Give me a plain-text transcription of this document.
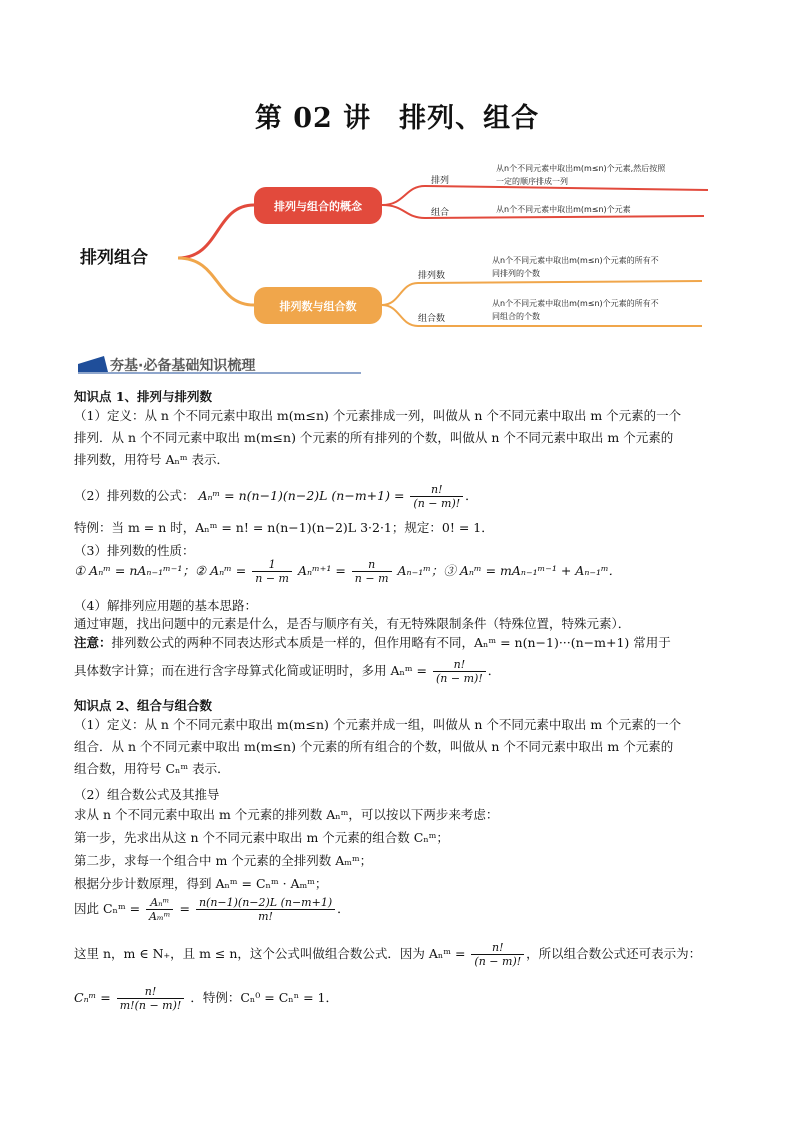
第 02 讲　排列、组合
排列组合
排列与组合的概念
排列数与组合数
排列
从n个不同元素中取出m(m≤n)个元素,然后按照
一定的顺序排成一列
组合	从n个不同元素中取出m(m≤n)个元素
排列数
从n个不同元素中取出m(m≤n)个元素的所有不
同排列的个数
组合数
从n个不同元素中取出m(m≤n)个元素的所有不
同组合的个数
夯基·必备基础知识梳理
知识点 1、排列与排列数
（1）定义：从 n 个不同元素中取出 m(m≤n) 个元素排成一列，叫做从 n 个不同元素中取出 m 个元素的一个
排列．从 n 个不同元素中取出 m(m≤n) 个元素的所有排列的个数，叫做从 n 个不同元素中取出 m 个元素的
排列数，用符号 Aₙᵐ 表示．
（2）排列数的公式： Aₙᵐ = n(n−1)(n−2)L $(n-m+1) = \frac{n!}{(n - m)!}$ ．
特例：当 m = n 时，Aₙᵐ = n! = n(n−1)(n−2)L 3·2·1；规定：0! = 1．
（3）排列数的性质：
① Aₙᵐ = nAₙ₋₁ᵐ⁻¹；② Aₙᵐ = $\frac{1}{n - m}$ Aₙᵐ⁺¹ = $\frac{n}{n - m}$ Aₙ₋₁ᵐ；③ Aₙᵐ = mAₙ₋₁ᵐ⁻¹ + Aₙ₋₁ᵐ．
（4）解排列应用题的基本思路：
通过审题，找出问题中的元素是什么，是否与顺序有关，有无特殊限制条件（特殊位置，特殊元素）．
注意：排列数公式的两种不同表达形式本质是一样的，但作用略有不同，Aₙᵐ = n(n−1)···(n−m+1) 常用于
具体数字计算；而在进行含字母算式化简或证明时，多用 Aₙᵐ = $\frac{n!}{(n - m)!}$ ．
知识点 2、组合与组合数
（1）定义：从 n 个不同元素中取出 m(m≤n) 个元素并成一组，叫做从 n 个不同元素中取出 m 个元素的一个
组合．从 n 个不同元素中取出 m(m≤n) 个元素的所有组合的个数，叫做从 n 个不同元素中取出 m 个元素的
组合数，用符号 Cₙᵐ 表示．
（2）组合数公式及其推导
求从 n 个不同元素中取出 m 个元素的排列数 Aₙᵐ，可以按以下两步来考虑：
第一步，先求出从这 n 个不同元素中取出 m 个元素的组合数 Cₙᵐ；
第二步，求每一个组合中 m 个元素的全排列数 Aₘᵐ；
根据分步计数原理，得到 Aₙᵐ = Cₙᵐ · Aₘᵐ；
因此 Cₙᵐ = $\frac{\text{Aₙᵐ}}{\text{Aₘᵐ}} = \frac{n(n-1)(n-2)L (n-m+1)}{m!}$ ．
这里 n，m ∈ N₊，且 m ≤ n，这个公式叫做组合数公式．因为 Aₙᵐ = $\frac{n!}{(n - m)!}$ ，所以组合数公式还可表示为：
Cₙᵐ = $\frac{n!}{m!(n - m)!}$ ．特例：Cₙ⁰ = Cₙⁿ = 1．
